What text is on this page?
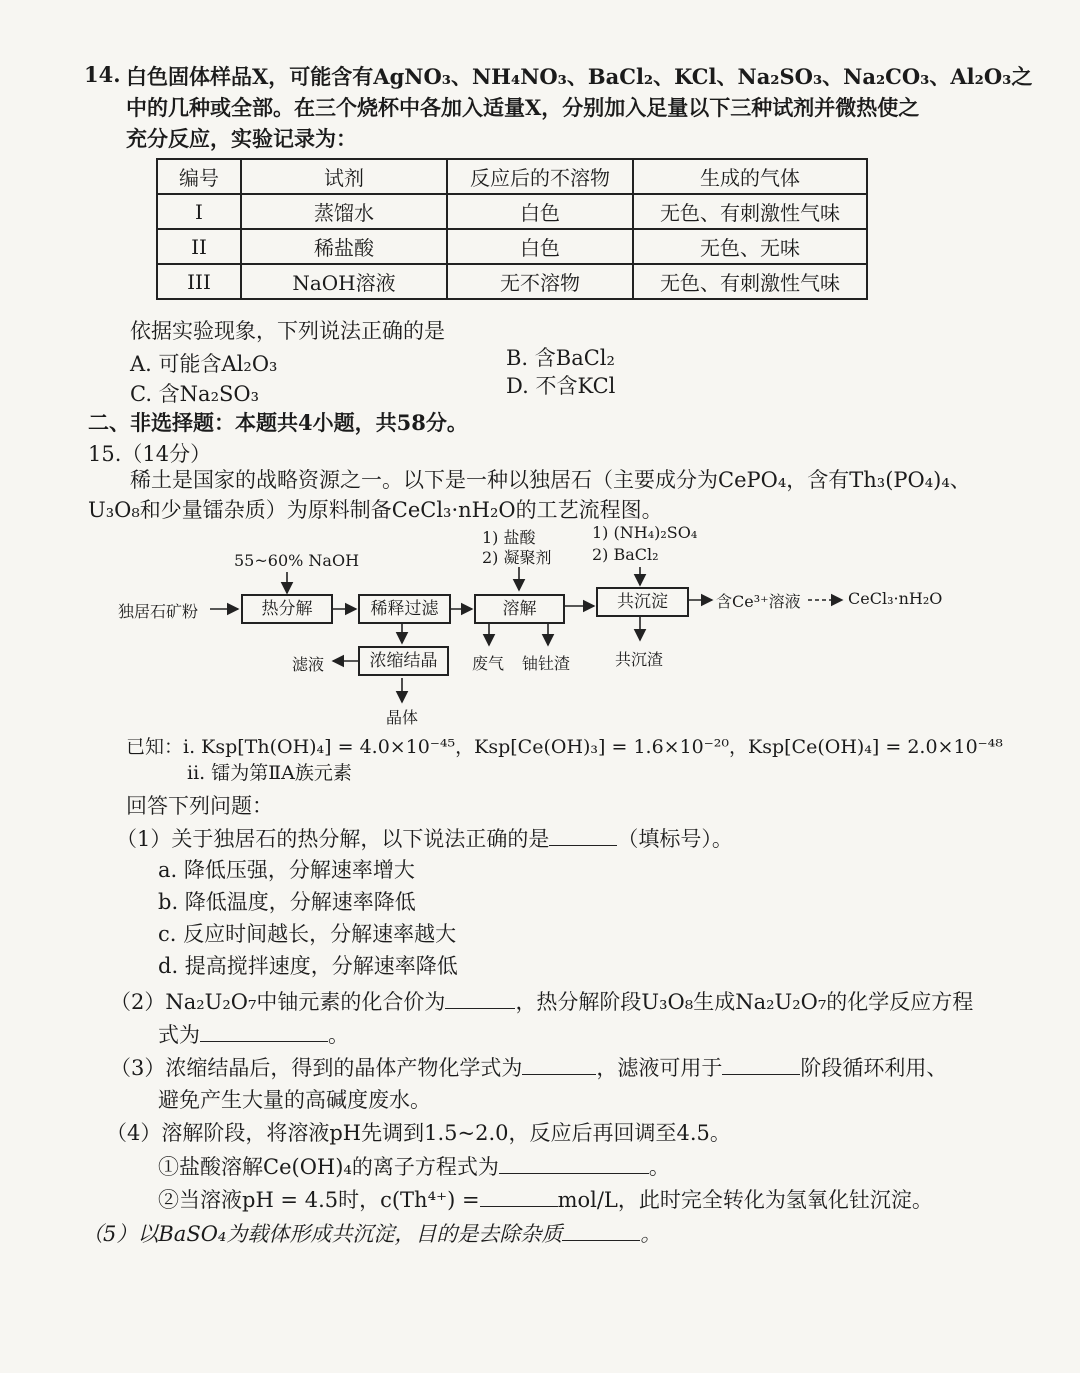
14. 白色固体样品X，可能含有AgNO₃、NH₄NO₃、BaCl₂、KCl、Na₂SO₃、Na₂CO₃、Al₂O₃之
中的几种或全部。在三个烧杯中各加入适量X，分别加入足量以下三种试剂并微热使之
充分反应，实验记录为：
编号	试剂	反应后的不溶物	生成的气体
I	蒸馏水	白色	无色、有刺激性气味
II	稀盐酸	白色	无色、无味
III	NaOH溶液	无不溶物	无色、有刺激性气味
依据实验现象，下列说法正确的是
A. 可能含Al₂O₃	B. 含BaCl₂
C. 含Na₂SO₃	D. 不含KCl
二、非选择题：本题共4小题，共58分。
15.（14分）
稀土是国家的战略资源之一。以下是一种以独居石（主要成分为CePO₄，含有Th₃(PO₄)₄、
U₃O₈和少量镭杂质）为原料制备CeCl₃·nH₂O的工艺流程图。
独居石矿粉
55~60% NaOH
热分解	稀释过滤	溶解	共沉淀
浓缩结晶
1) 盐酸
2) 凝聚剂
1) (NH₄)₂SO₄
2) BaCl₂
含Ce³⁺溶液	CeCl₃·nH₂O
滤液
晶体
废气 铀钍渣	共沉渣
已知：i. Ksp[Th(OH)₄] = 4.0×10⁻⁴⁵，Ksp[Ce(OH)₃] = 1.6×10⁻²⁰，Ksp[Ce(OH)₄] = 2.0×10⁻⁴⁸
ii. 镭为第ⅡA族元素
回答下列问题：
（1）关于独居石的热分解，以下说法正确的是	（填标号）。
a. 降低压强，分解速率增大
b. 降低温度，分解速率降低
c. 反应时间越长，分解速率越大
d. 提高搅拌速度，分解速率降低
（2）Na₂U₂O₇中铀元素的化合价为	，热分解阶段U₃O₈生成Na₂U₂O₇的化学反应方程
式为	。
（3）浓缩结晶后，得到的晶体产物化学式为	，滤液可用于	阶段循环利用、
避免产生大量的高碱度废水。
（4）溶解阶段，将溶液pH先调到1.5~2.0，反应后再回调至4.5。
①盐酸溶解Ce(OH)₄的离子方程式为	。
②当溶液pH = 4.5时，c(Th⁴⁺) =	mol/L，此时完全转化为氢氧化钍沉淀。
（5）以BaSO₄为载体形成共沉淀，目的是去除杂质	。
